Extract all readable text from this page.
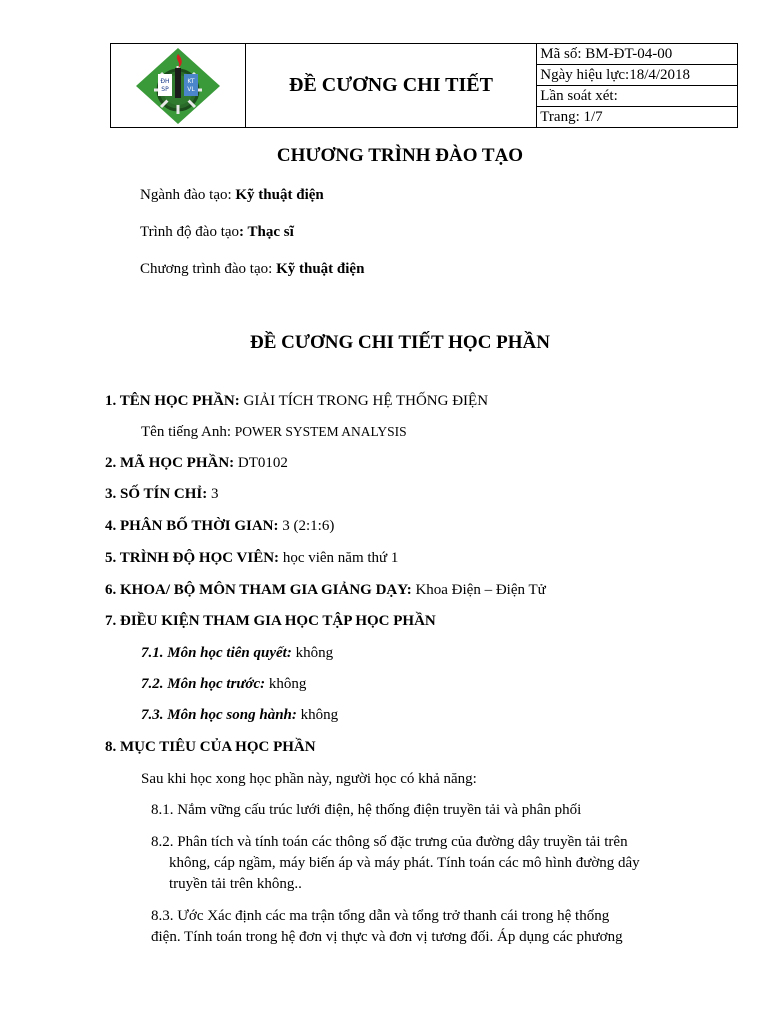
ĐH
SP
KT
VL	ĐỀ CƯƠNG CHI TIẾT	
Mã số: BM-ĐT-04-00
Ngày hiệu lực:18/4/2018
Lần soát xét:
Trang: 1/7
CHƯƠNG TRÌNH ĐÀO TẠO
Ngành đào tạo: Kỹ thuật điện
Trình độ đào tạo: Thạc sĩ
Chương trình đào tạo: Kỹ thuật điện
ĐỀ CƯƠNG CHI TIẾT HỌC PHẦN
1. TÊN HỌC PHẦN: GIẢI TÍCH TRONG HỆ THỐNG ĐIỆN
Tên tiếng Anh: POWER SYSTEM ANALYSIS
2. MÃ HỌC PHẦN: DT0102
3. SỐ TÍN CHỈ: 3
4. PHÂN BỐ THỜI GIAN: 3 (2:1:6)
5. TRÌNH ĐỘ HỌC VIÊN: học viên năm thứ 1
6. KHOA/ BỘ MÔN THAM GIA GIẢNG DẠY: Khoa Điện – Điện Tử
7. ĐIỀU KIỆN THAM GIA HỌC TẬP HỌC PHẦN
7.1. Môn học tiên quyết: không
7.2. Môn học trước: không
7.3. Môn học song hành: không
8. MỤC TIÊU CỦA HỌC PHẦN
Sau khi học xong học phần này, người học có khả năng:
8.1. Nắm vững cấu trúc lưới điện, hệ thống điện truyền tải và phân phối
8.2. Phân tích và tính toán các thông số đặc trưng của đường dây truyền tải trên
không, cáp ngầm, máy biến áp và máy phát. Tính toán các mô hình đường dây
truyền tải trên không..
8.3. Ước Xác định các ma trận tổng dẫn và tổng trở thanh cái trong hệ thống
điện. Tính toán trong hệ đơn vị thực và đơn vị tương đối. Áp dụng các phương
